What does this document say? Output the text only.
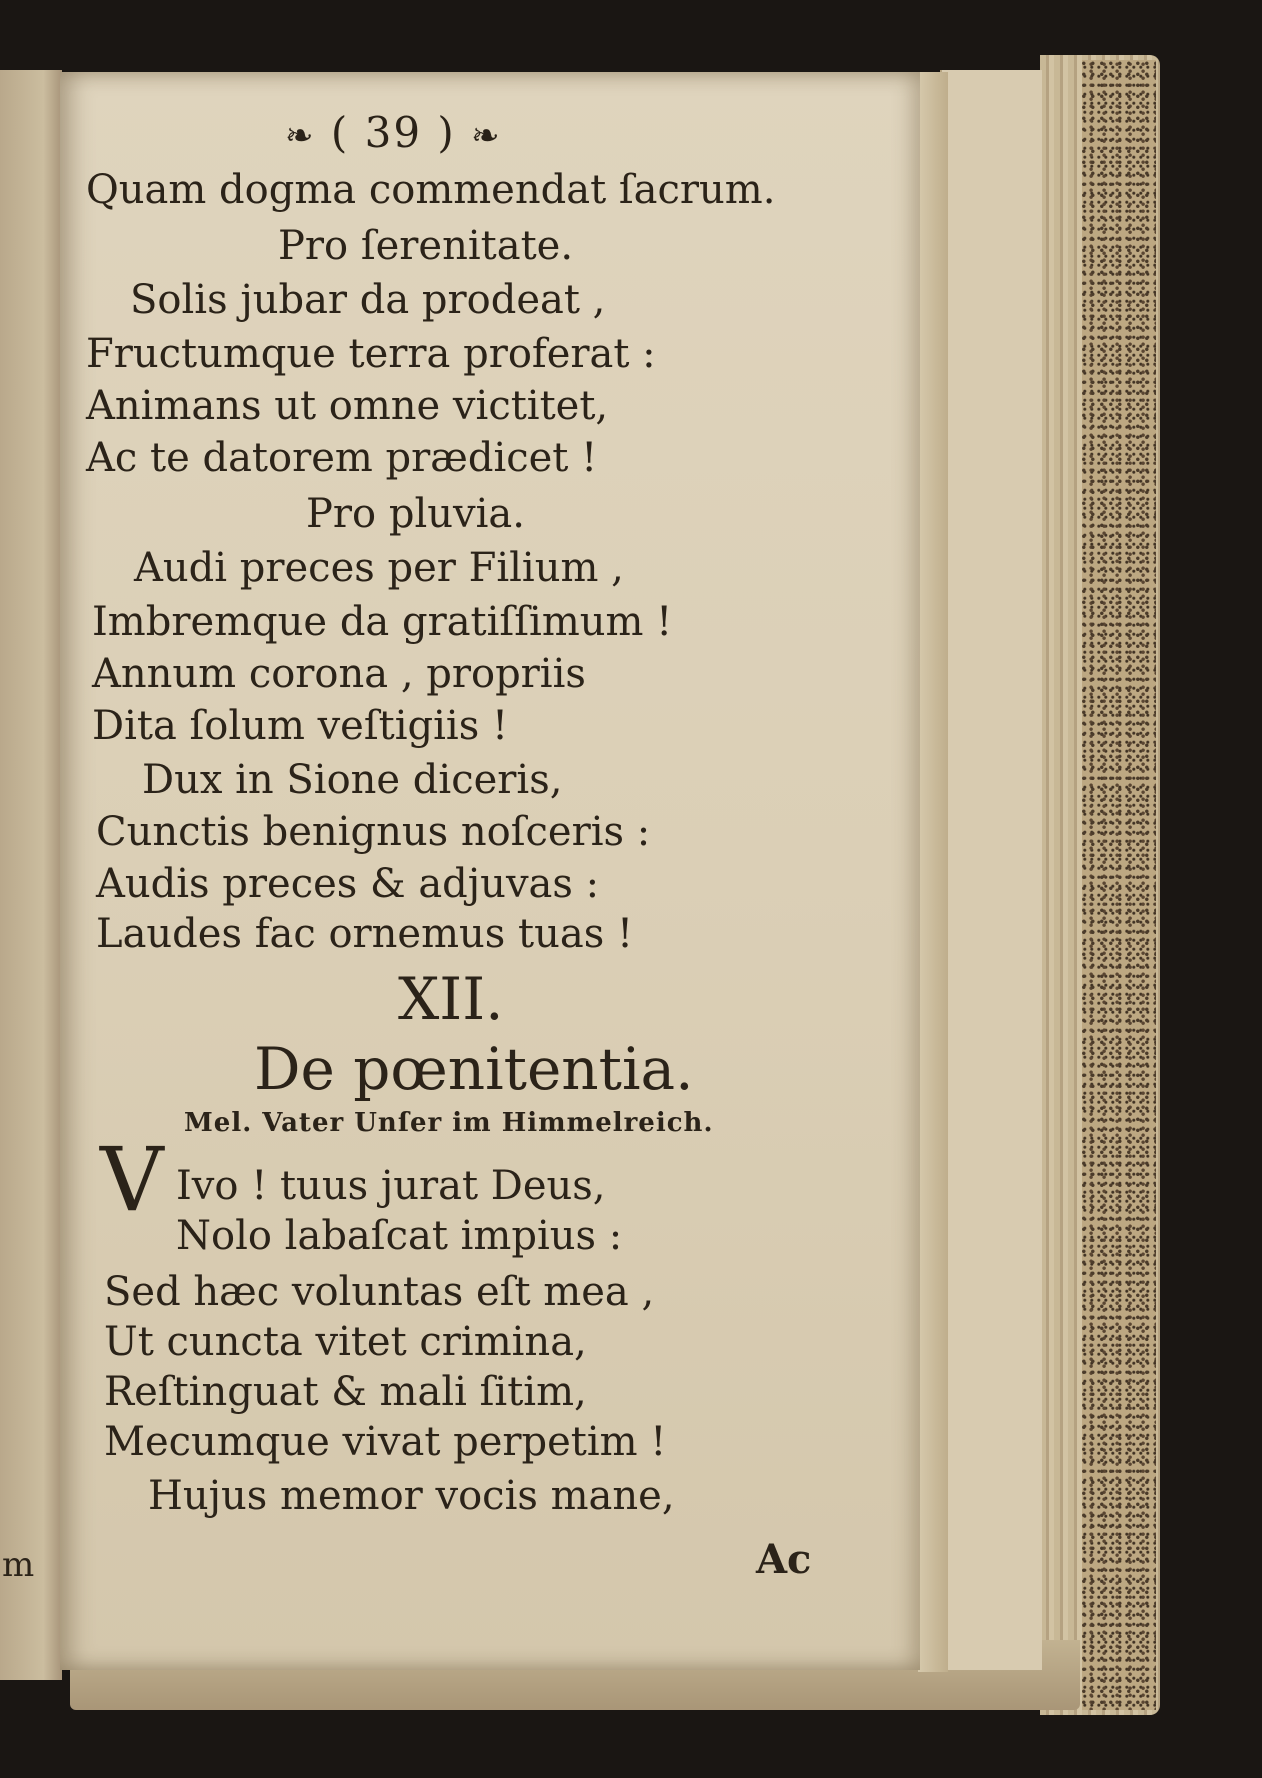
m
❧ ( 39 ) ❧
Quam dogma commendat ſacrum.
Pro ſerenitate.
Solis jubar da prodeat ,
Fructumque terra proferat :
Animans ut omne victitet,
Ac te datorem prædicet !
Pro pluvia.
Audi preces per Filium ,
Imbremque da gratiſſimum !
Annum corona , propriis
Dita ſolum veſtigiis !
Dux in Sione diceris,
Cunctis benignus noſceris :
Audis preces & adjuvas :
Laudes fac ornemus tuas !
XII.
De pœnitentia.
Mel. Vater Unſer im Himmelreich.
V Ivo ! tuus jurat Deus,
Nolo labaſcat impius :
Sed hæc voluntas eſt mea ,
Ut cuncta vitet crimina,
Reſtinguat & mali ſitim,
Mecumque vivat perpetim !
Hujus memor vocis mane,
Ac
